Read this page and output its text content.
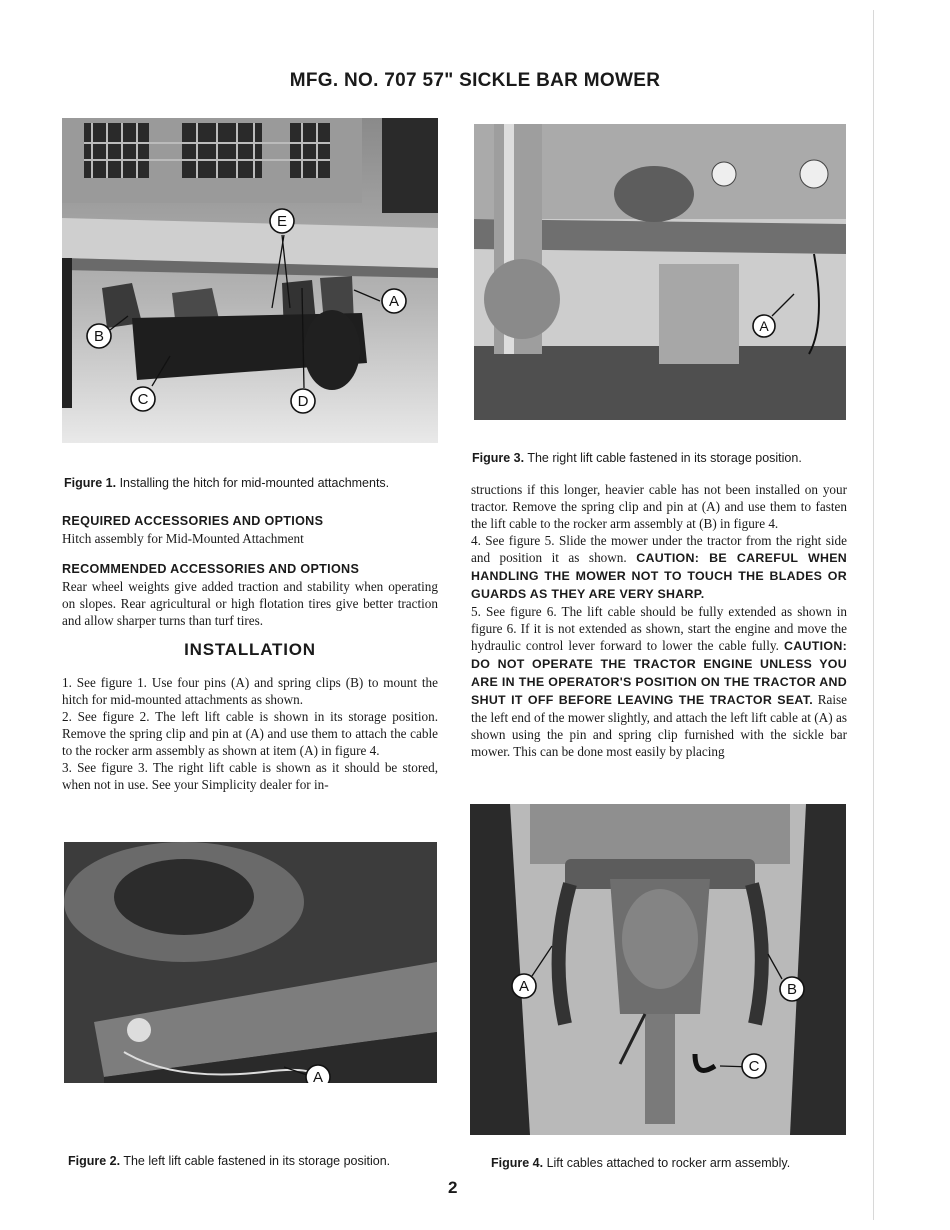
MFG. NO. 707 57" SICKLE BAR MOWER
E
A
B
C	D
Figure 1. Installing the hitch for mid-mounted attachments.
A
Figure 3. The right lift cable fastened in its storage position.

REQUIRED ACCESSORIES AND OPTIONS

Hitch assembly for Mid-Mounted Attachment

RECOMMENDED ACCESSORIES AND OPTIONS

Rear wheel weights give added traction and stability when operating on slopes. Rear agricultural or high flotation tires give better traction and allow sharper turns than turf tires.

INSTALLATION

1. See figure 1. Use four pins (A) and spring clips (B) to mount the hitch for mid-mounted attachments as shown.

2. See figure 2. The left lift cable is shown in its storage position. Remove the spring clip and pin at (A) and use them to attach the cable to the rocker arm assembly as shown at item (A) in figure 4.

3. See figure 3. The right lift cable is shown as it should be stored, when not in use. See your Simplicity dealer for in-

structions if this longer, heavier cable has not been installed on your tractor. Remove the spring clip and pin at (A) and use them to fasten the lift cable to the rocker arm assembly at (B) in figure 4.

4. See figure 5. Slide the mower under the tractor from the right side and position it as shown. CAUTION: BE CAREFUL WHEN HANDLING THE MOWER NOT TO TOUCH THE BLADES OR GUARDS AS THEY ARE VERY SHARP.

5. See figure 6. The lift cable should be fully extended as shown in figure 6. If it is not extended as shown, start the engine and move the hydraulic control lever forward to lower the cable fully. CAUTION: DO NOT OPERATE THE TRACTOR ENGINE UNLESS YOU ARE IN THE OPERATOR'S POSITION ON THE TRACTOR AND SHUT IT OFF BEFORE LEAVING THE TRACTOR SEAT. Raise the left end of the mower slightly, and attach the left lift cable at (A) as shown using the pin and spring clip furnished with the sickle bar mower. This can be done most easily by placing

A
Figure 2. The left lift cable fastened in its storage position.
A	B
C
Figure 4. Lift cables attached to rocker arm assembly.
2
